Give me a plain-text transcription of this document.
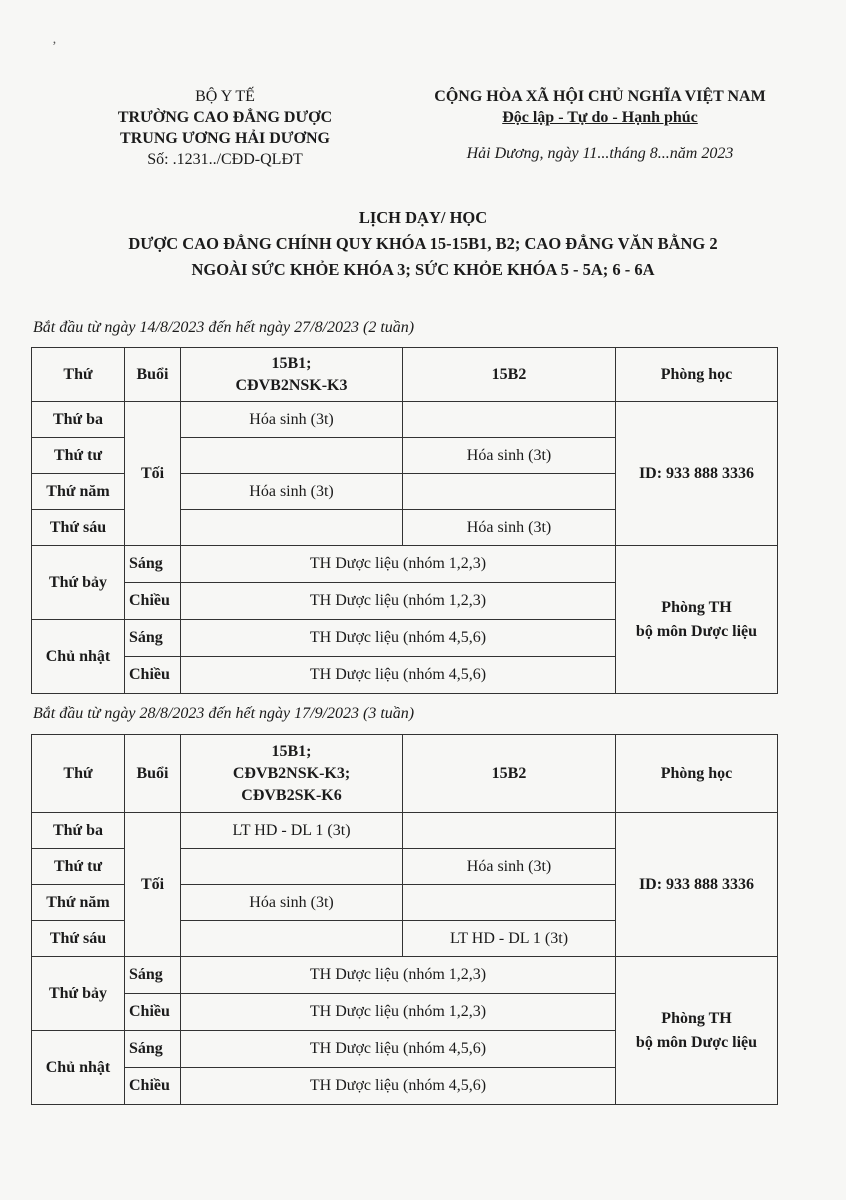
‚
BỘ Y TẾ
TRƯỜNG CAO ĐẲNG DƯỢC
TRUNG ƯƠNG HẢI DƯƠNG
Số: .1231../CĐD-QLĐT
CỘNG HÒA XÃ HỘI CHỦ NGHĨA VIỆT NAM
Độc lập - Tự do - Hạnh phúc
Hải Dương, ngày 11...tháng 8...năm 2023
LỊCH DẠY/ HỌC
DƯỢC CAO ĐẲNG CHÍNH QUY KHÓA 15-15B1, B2; CAO ĐẲNG VĂN BẰNG 2
NGOÀI SỨC KHỎE KHÓA 3; SỨC KHỎE KHÓA 5 - 5A; 6 - 6A
Bắt đầu từ ngày 14/8/2023 đến hết ngày 27/8/2023 (2 tuần)
Thứ	Buổi	15B1;
CĐVB2NSK-K3	15B2	Phòng học
Thứ ba	Tối	Hóa sinh (3t)		ID: 933 888 3336
Thứ tư			Hóa sinh (3t)	
Thứ năm		Hóa sinh (3t)		
Thứ sáu			Hóa sinh (3t)	
Thứ bảy	Sáng	TH Dược liệu (nhóm 1,2,3)		Phòng TH
bộ môn Dược liệu

	Chiều	TH Dược liệu (nhóm 1,2,3)		
Chủ nhật	Sáng	TH Dược liệu (nhóm 4,5,6)		
	Chiều	TH Dược liệu (nhóm 4,5,6)		
Bắt đầu từ ngày 28/8/2023 đến hết ngày 17/9/2023 (3 tuần)
Thứ	Buổi	15B1;
CĐVB2NSK-K3;
CĐVB2SK-K6	15B2	Phòng học
Thứ ba	Tối	LT HD - DL 1 (3t)		ID: 933 888 3336
Thứ tư			Hóa sinh (3t)	
Thứ năm		Hóa sinh (3t)		
Thứ sáu			LT HD - DL 1 (3t)	
Thứ bảy	Sáng	TH Dược liệu (nhóm 1,2,3)		Phòng TH
bộ môn Dược liệu

	Chiều	TH Dược liệu (nhóm 1,2,3)		
Chủ nhật	Sáng	TH Dược liệu (nhóm 4,5,6)		
	Chiều	TH Dược liệu (nhóm 4,5,6)		
